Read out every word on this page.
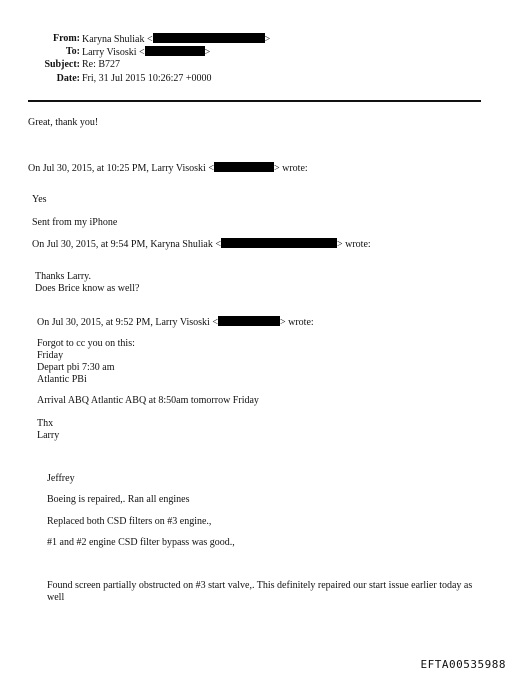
From: Karyna Shuliak <	>
To: Larry Visoski <	>
Subject: Re: B727
Date: Fri, 31 Jul 2015 10:26:27 +0000
Great, thank you!
On Jul 30, 2015, at 10:25 PM, Larry Visoski <	> wrote:
Yes
Sent from my iPhone
On Jul 30, 2015, at 9:54 PM, Karyna Shuliak <	> wrote:
Thanks Larry.
Does Brice know as well?
On Jul 30, 2015, at 9:52 PM, Larry Visoski <	> wrote:
Forgot to cc you on this:
Friday
Depart pbi 7:30 am
Atlantic PBi
Arrival ABQ Atlantic ABQ at 8:50am tomorrow Friday
Thx
Larry
Jeffrey
Boeing is repaired,. Ran all engines
Replaced both CSD filters on #3 engine.,
#1 and #2 engine CSD filter bypass was good.,
Found screen partially obstructed on #3 start valve,. This definitely repaired our start issue earlier today as well
EFTA00535988
